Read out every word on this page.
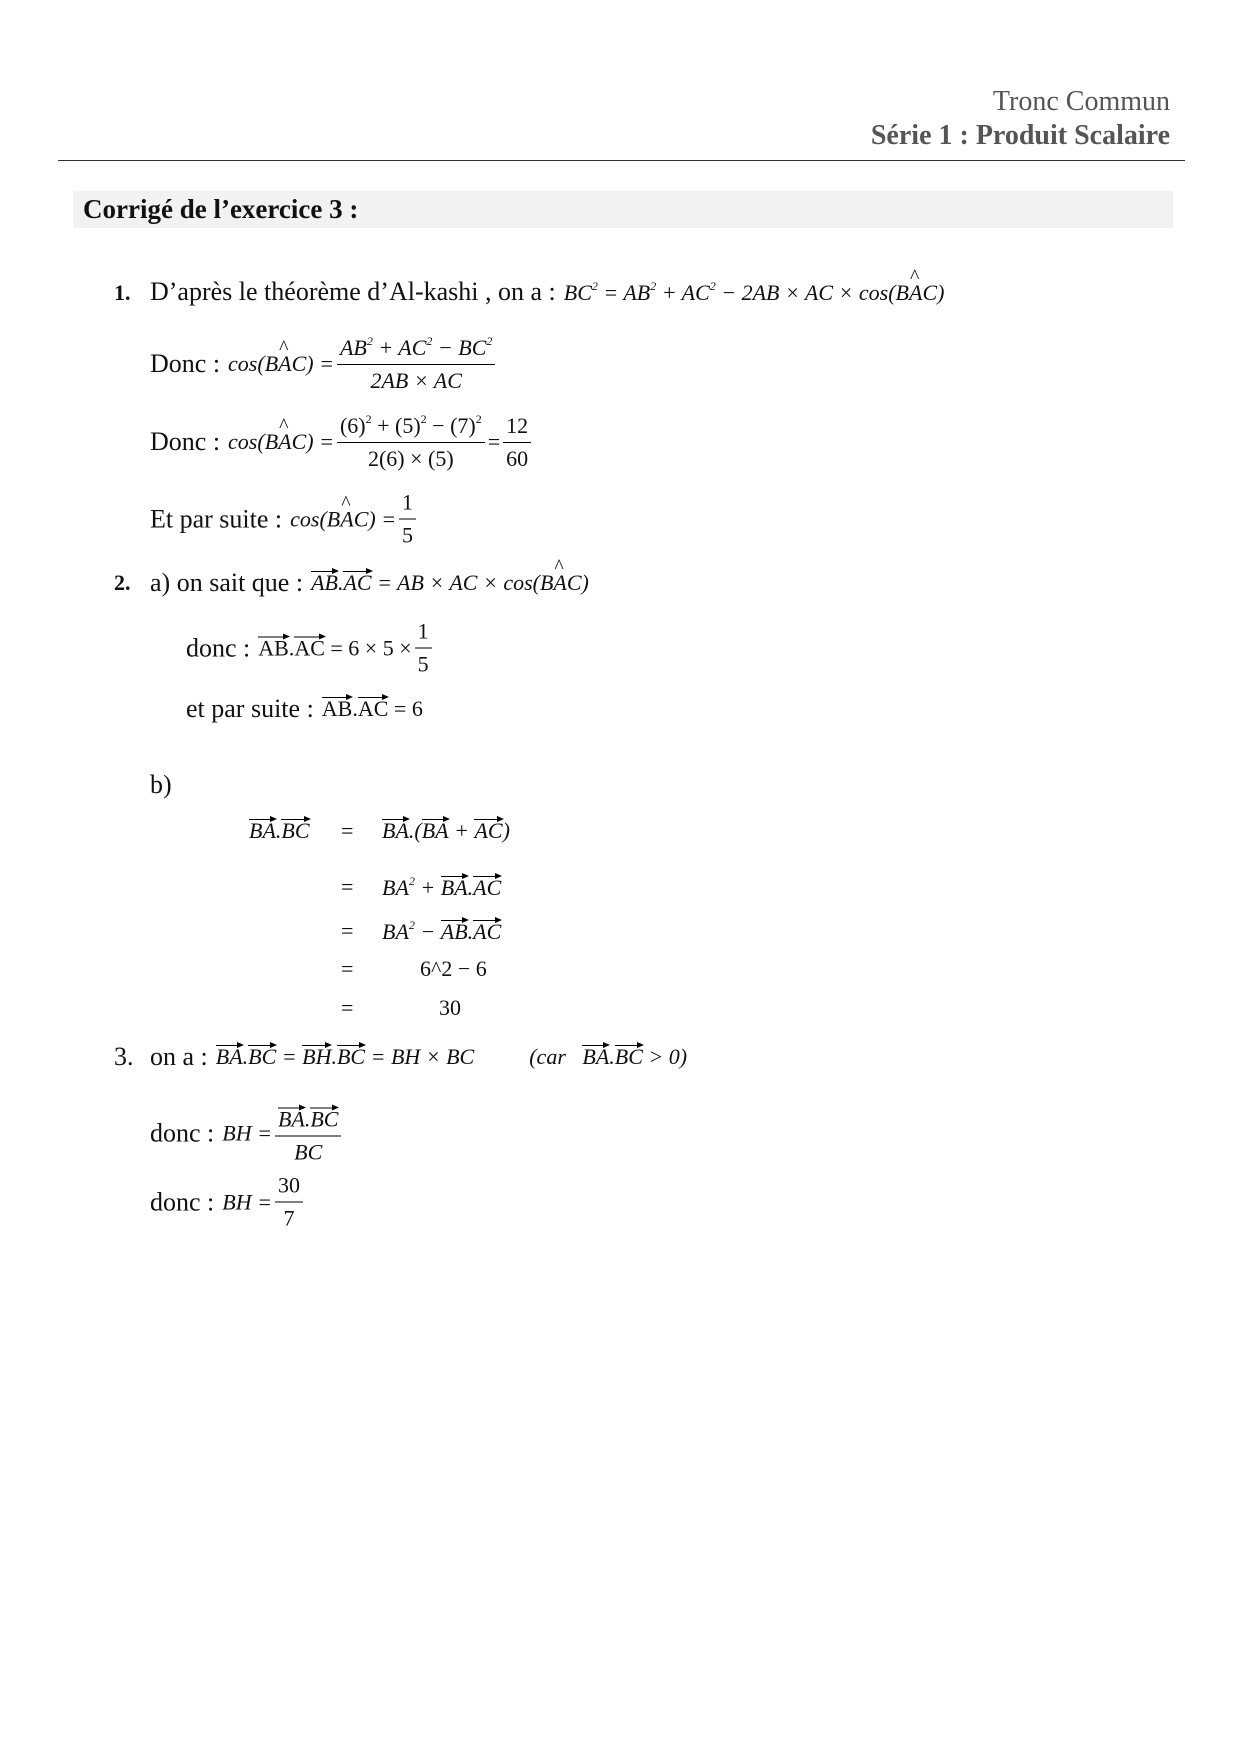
Tronc Commun
Série 1 : Produit Scalaire
Corrigé de l’exercice 3 :
1. D’après le théorème d’Al-kashi , on a : $BC^2 = AB^2 + AC^2 - 2AB$ × AC × cos(BA ^C)
Donc : cos(BA ^C) = $\frac{AB^2 + AC^2 - BC^2}{2AB \times AC}$
Donc : cos(BA ^C) = $\frac{(6)^2 + (5)^2 - (7)^2}{2(6) \times (5)} = \frac{12}{60}$
Et par suite : cos(BA ^C) = $\frac{1}{5}$
2. a) on sait que : AB.AC = AB × AC × cos(BA ^C)
donc : $AB.AC = 6 \times 5 \times \frac{1}{5}$
et par suite : AB.AC = 6
b)
BA.BC = BA.(BA + AC)
= $BA^2 + BA.AC$
= $BA^2 - AB.AC$
=	6^2 − 6
=	30
3. on a : BA.BC = BH.BC = BH × BC	(car   BA.BC > 0)
donc : BH = $\frac{BA.BC}{BC}$
donc : BH = $\frac{30}{7}$
